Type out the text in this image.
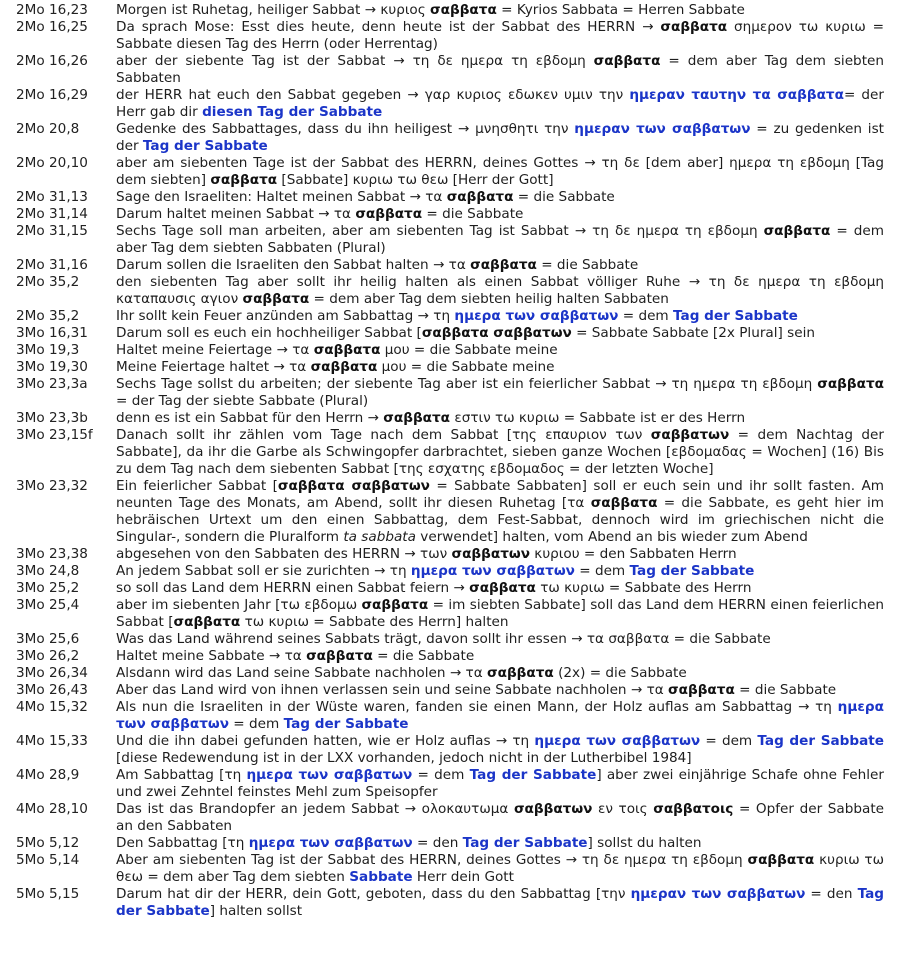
2Mo 16,23	Morgen ist Ruhetag, heiliger Sabbat → κυριος σαββατα = Kyrios Sabbata = Herren Sabbate
2Mo 16,25	Da sprach Mose: Esst dies heute, denn heute ist der Sabbat des HERRN → σαββατα σημερον τω κυριω = Sabbate diesen Tag des Herrn (oder Herrentag)
2Mo 16,26	aber der siebente Tag ist der Sabbat → τη δε ημερα τη εβδομη σαββατα = dem aber Tag dem siebten Sabbaten
2Mo 16,29	der HERR hat euch den Sabbat gegeben → γαρ κυριος εδωκεν υμιν την ημεραν ταυτην τα σαββατα= der Herr gab dir diesen Tag der Sabbate
2Mo 20,8	Gedenke des Sabbattages, dass du ihn heiligest → μνησθητι την ημεραν των σαββατων = zu gedenken ist der Tag der Sabbate
2Mo 20,10	aber am siebenten Tage ist der Sabbat des HERRN, deines Gottes → τη δε [dem aber] ημερα τη εβδομη [Tag dem siebten] σαββατα [Sabbate] κυριω τω θεω [Herr der Gott]
2Mo 31,13	Sage den Israeliten: Haltet meinen Sabbat → τα σαββατα = die Sabbate
2Mo 31,14	Darum haltet meinen Sabbat → τα σαββατα = die Sabbate
2Mo 31,15	Sechs Tage soll man arbeiten, aber am siebenten Tag ist Sabbat → τη δε ημερα τη εβδομη σαββατα = dem aber Tag dem siebten Sabbaten (Plural)
2Mo 31,16	Darum sollen die Israeliten den Sabbat halten → τα σαββατα = die Sabbate
2Mo 35,2	den siebenten Tag aber sollt ihr heilig halten als einen Sabbat völliger Ruhe → τη δε ημερα τη εβδομη καταπαυσις αγιον σαββατα = dem aber Tag dem siebten heilig halten Sabbaten
2Mo 35,2	Ihr sollt kein Feuer anzünden am Sabbattag → τη ημερα των σαββατων = dem Tag der Sabbate
3Mo 16,31	Darum soll es euch ein hochheiliger Sabbat [σαββατα σαββατων = Sabbate Sabbate [2x Plural] sein
3Mo 19,3	Haltet meine Feiertage → τα σαββατα μου = die Sabbate meine
3Mo 19,30	Meine Feiertage haltet → τα σαββατα μου = die Sabbate meine
3Mo 23,3a	Sechs Tage sollst du arbeiten; der siebente Tag aber ist ein feierlicher Sabbat → τη ημερα τη εβδομη σαββατα = der Tag der siebte Sabbate (Plural)
3Mo 23,3b	denn es ist ein Sabbat für den Herrn → σαββατα εστιν τω κυριω = Sabbate ist er des Herrn
3Mo 23,15f	Danach sollt ihr zählen vom Tage nach dem Sabbat [της επαυριον των σαββατων = dem Nachtag der Sabbate], da ihr die Garbe als Schwingopfer darbrachtet, sieben ganze Wochen [εβδομαδας = Wochen] (16) Bis zu dem Tag nach dem siebenten Sabbat [της εσχατης εβδομαδος = der letzten Woche]
3Mo 23,32	Ein feierlicher Sabbat [σαββατα σαββατων = Sabbate Sabbaten] soll er euch sein und ihr sollt fasten. Am neunten Tage des Monats, am Abend, sollt ihr diesen Ruhetag [τα σαββατα = die Sabbate, es geht hier im hebräischen Urtext um den einen Sabbattag, dem Fest-Sabbat, dennoch wird im griechischen nicht die Singular-, sondern die Pluralform ta sabbata verwendet] halten, vom Abend an bis wieder zum Abend
3Mo 23,38	abgesehen von den Sabbaten des HERRN → των σαββατων κυριου = den Sabbaten Herrn
3Mo 24,8	An jedem Sabbat soll er sie zurichten → τη ημερα των σαββατων = dem Tag der Sabbate
3Mo 25,2	so soll das Land dem HERRN einen Sabbat feiern → σαββατα τω κυριω = Sabbate des Herrn
3Mo 25,4	aber im siebenten Jahr [τω εβδομω σαββατα = im siebten Sabbate] soll das Land dem HERRN einen feierlichen Sabbat [σαββατα τω κυριω = Sabbate des Herrn] halten
3Mo 25,6	Was das Land während seines Sabbats trägt, davon sollt ihr essen → τα σαββατα = die Sabbate
3Mo 26,2	Haltet meine Sabbate → τα σαββατα = die Sabbate
3Mo 26,34	Alsdann wird das Land seine Sabbate nachholen → τα σαββατα (2x) = die Sabbate
3Mo 26,43	Aber das Land wird von ihnen verlassen sein und seine Sabbate nachholen → τα σαββατα = die Sabbate
4Mo 15,32	Als nun die Israeliten in der Wüste waren, fanden sie einen Mann, der Holz auflas am Sabbattag → τη ημερα των σαββατων = dem Tag der Sabbate
4Mo 15,33	Und die ihn dabei gefunden hatten, wie er Holz auflas → τη ημερα των σαββατων = dem Tag der Sabbate [diese Redewendung ist in der LXX vorhanden, jedoch nicht in der Lutherbibel 1984]
4Mo 28,9	Am Sabbattag [τη ημερα των σαββατων = dem Tag der Sabbate] aber zwei einjährige Schafe ohne Fehler und zwei Zehntel feinstes Mehl zum Speisopfer
4Mo 28,10	Das ist das Brandopfer an jedem Sabbat → ολοκαυτωμα σαββατων εν τοις σαββατοις = Opfer der Sabbate an den Sabbaten
5Mo 5,12	Den Sabbattag [τη ημερα των σαββατων = den Tag der Sabbate] sollst du halten
5Mo 5,14	Aber am siebenten Tag ist der Sabbat des HERRN, deines Gottes → τη δε ημερα τη εβδομη σαββατα κυριω τω θεω = dem aber Tag dem siebten Sabbate Herr dein Gott
5Mo 5,15	Darum hat dir der HERR, dein Gott, geboten, dass du den Sabbattag [την ημεραν των σαββατων = den Tag der Sabbate] halten sollst
